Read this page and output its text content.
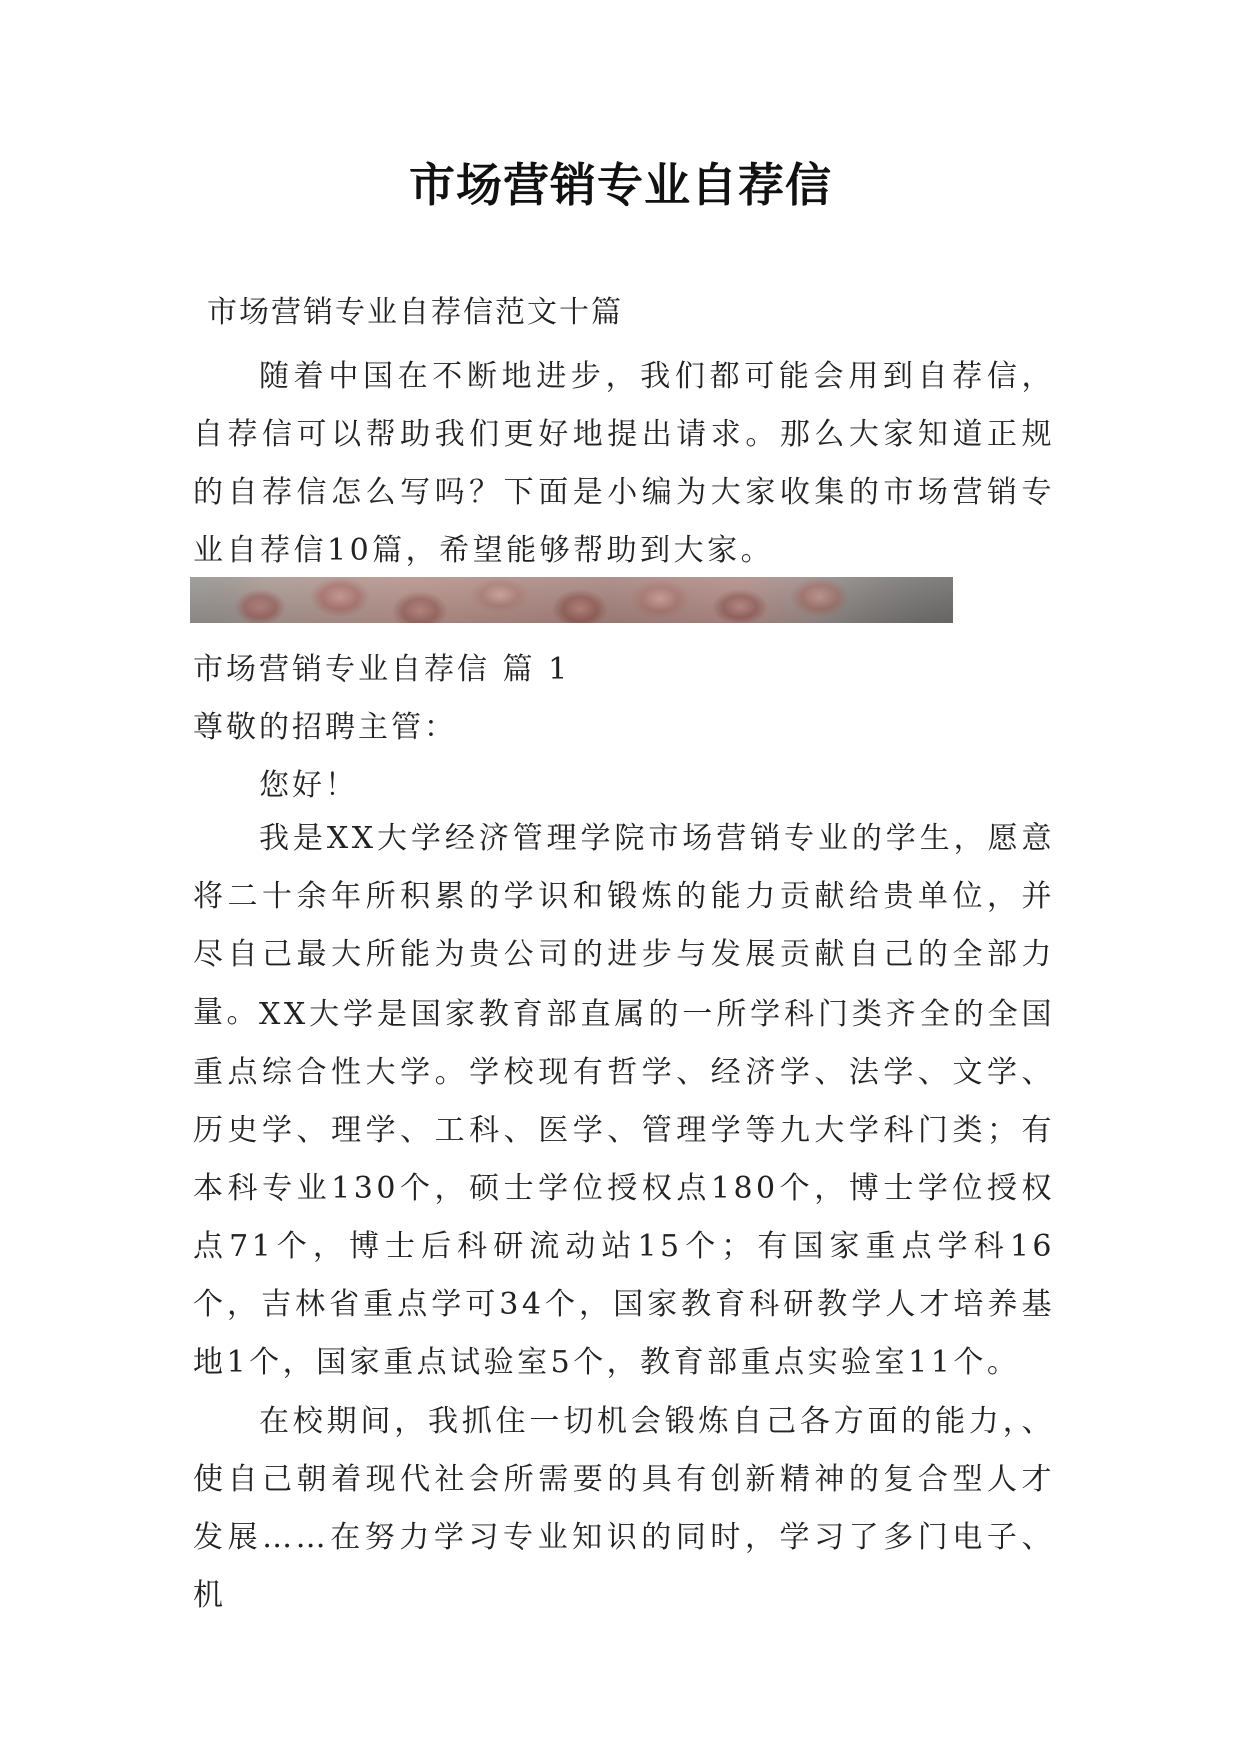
市场营销专业自荐信
市场营销专业自荐信范文十篇

随着中国在不断地进步，我们都可能会用到自荐信，自荐信可以帮助我们更好地提出请求。那么大家知道正规的自荐信怎么写吗？下面是小编为大家收集的市场营销专业自荐信10篇，希望能够帮助到大家。

市场营销专业自荐信 篇 1
尊敬的招聘主管：
您好！

我是XX大学经济管理学院市场营销专业的学生，愿意将二十余年所积累的学识和锻炼的能力贡献给贵单位，并尽自己最大所能为贵公司的进步与发展贡献自己的全部力量。 XX大学是国家教育部直属的一所学科门类齐全的全国重点综合性大学。学校现有哲学、经济学、法学、文学、历史学、理学、工科、医学、管理学等九大学科门类；有本科专业130个，硕士学位授权点180个，博士学位授权点71个，博士后科研流动站15个；有国家重点学科16个，吉林省重点学可34个，国家教育科研教学人才培养基地1个，国家重点试验室5个，教育部重点实验室11个。

在校期间，我抓住一切机会锻炼自己各方面的能力，、使自己朝着现代社会所需要的具有创新精神的复合型人才发展……在努力学习专业知识的同时，学习了多门电子、机
